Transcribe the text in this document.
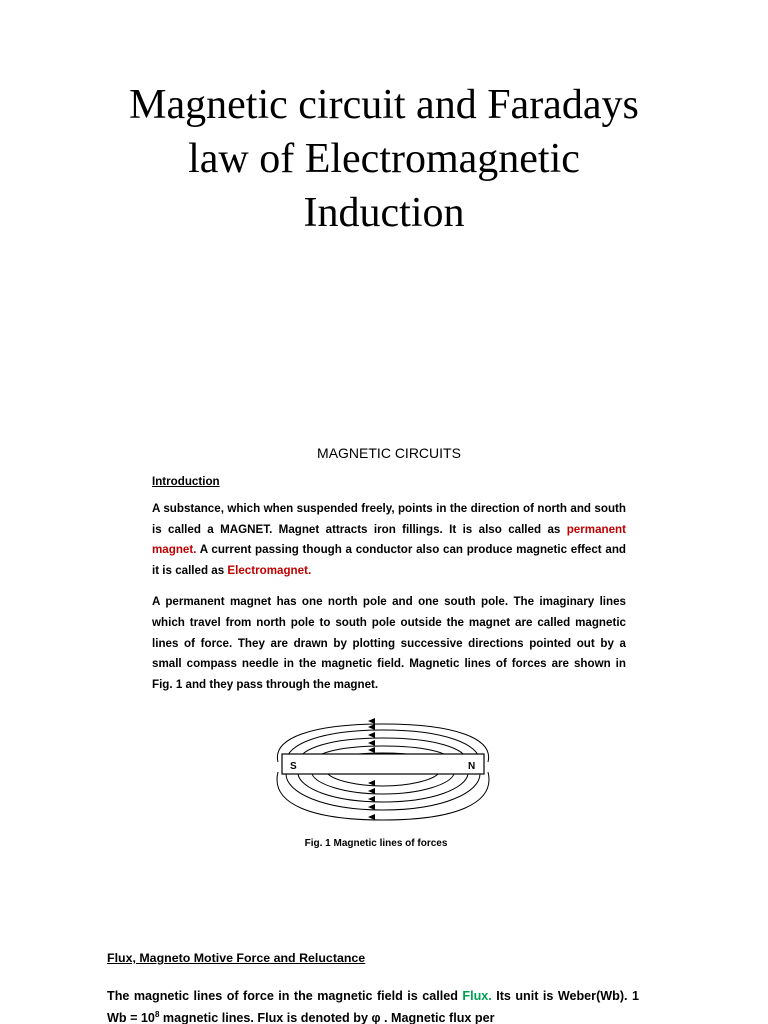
Magnetic circuit and Faradays
law of Electromagnetic
Induction
MAGNETIC CIRCUITS
Introduction

A substance, which when suspended freely, points in the direction of north and south is called a MAGNET. Magnet attracts iron fillings. It is also called as permanent magnet. A current passing though a conductor also can produce magnetic effect and it is called as Electromagnet.

A permanent magnet has one north pole and one south pole. The imaginary lines which travel from north pole to south pole outside the magnet are called magnetic lines of force. They are drawn by plotting successive directions pointed out by a small compass needle in the magnetic field. Magnetic lines of forces are shown in Fig. 1 and they pass through the magnet.

S	N

Fig. 1 Magnetic lines of forces

Flux, Magneto Motive Force and Reluctance

The magnetic lines of force in the magnetic field is called Flux. Its unit is Weber(Wb). 1 $Wb = 10^8$ magnetic lines. Flux is denoted by φ . Magnetic flux per
